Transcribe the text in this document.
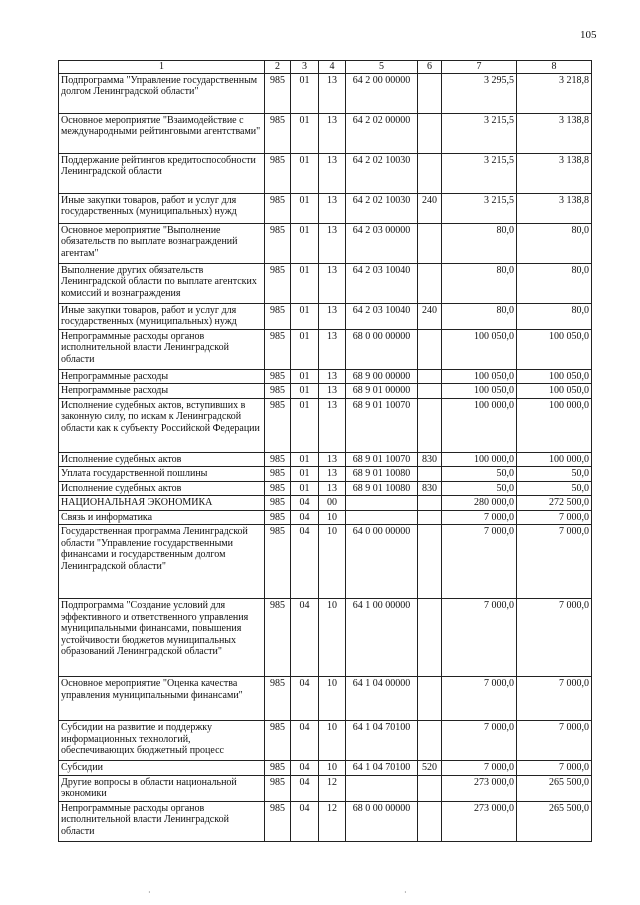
105
1	2	3	4	5	6	7	8
Подпрограмма "Управление государственным долгом Ленинградской области"	985	01	13	64 2 00 00000		3 295,5	3 218,8
Основное мероприятие "Взаимодействие с международными рейтинговыми агентствами"	985	01	13	64 2 02 00000		3 215,5	3 138,8
Поддержание рейтингов кредитоспособности Ленинградской области	985	01	13	64 2 02 10030		3 215,5	3 138,8
Иные закупки товаров, работ и услуг для государственных (муниципальных) нужд	985	01	13	64 2 02 10030	240	3 215,5	3 138,8
Основное мероприятие "Выполнение обязательств по выплате вознаграждений агентам"	985	01	13	64 2 03 00000		80,0	80,0
Выполнение других обязательств Ленинградской области по выплате агентских комиссий и вознаграждения	985	01	13	64 2 03 10040		80,0	80,0
Иные закупки товаров, работ и услуг для государственных (муниципальных) нужд	985	01	13	64 2 03 10040	240	80,0	80,0
Непрограммные расходы органов исполнительной власти Ленинградской области	985	01	13	68 0 00 00000		100 050,0	100 050,0
Непрограммные расходы	985	01	13	68 9 00 00000		100 050,0	100 050,0
Непрограммные расходы	985	01	13	68 9 01 00000		100 050,0	100 050,0
Исполнение судебных актов, вступивших в законную силу, по искам к Ленинградской области как к субъекту Российской Федерации	985	01	13	68 9 01 10070		100 000,0	100 000,0
Исполнение судебных актов	985	01	13	68 9 01 10070	830	100 000,0	100 000,0
Уплата государственной пошлины	985	01	13	68 9 01 10080		50,0	50,0
Исполнение судебных актов	985	01	13	68 9 01 10080	830	50,0	50,0
НАЦИОНАЛЬНАЯ ЭКОНОМИКА	985	04	00			280 000,0	272 500,0
Связь и информатика	985	04	10			7 000,0	7 000,0
Государственная программа Ленинградской области "Управление государственными финансами и государственным долгом Ленинградской области"	985	04	10	64 0 00 00000		7 000,0	7 000,0
Подпрограмма "Создание условий для эффективного и ответственного управления муниципальными финансами, повышения устойчивости бюджетов муниципальных образований Ленинградской области"	985	04	10	64 1 00 00000		7 000,0	7 000,0
Основное мероприятие "Оценка качества управления муниципальными финансами"	985	04	10	64 1 04 00000		7 000,0	7 000,0
Субсидии на развитие и поддержку информационных технологий, обеспечивающих бюджетный процесс	985	04	10	64 1 04 70100		7 000,0	7 000,0
Субсидии	985	04	10	64 1 04 70100	520	7 000,0	7 000,0
Другие вопросы в области национальной экономики	985	04	12			273 000,0	265 500,0
Непрограммные расходы органов исполнительной власти Ленинградской области	985	04	12	68 0 00 00000		273 000,0	265 500,0
·	·
